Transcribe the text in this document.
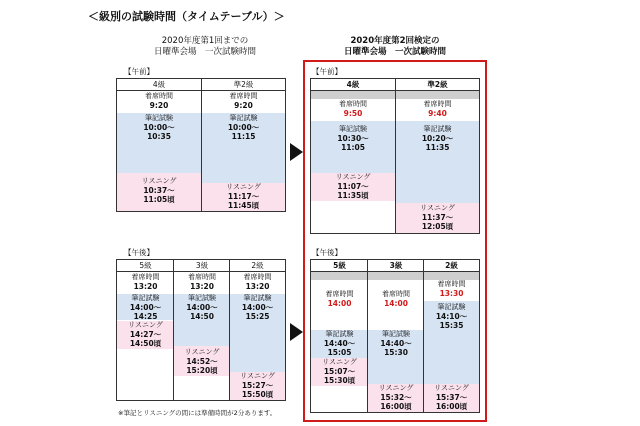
＜級別の試験時間（タイムテーブル）＞
2020年度第1回までの
日曜準会場　一次試験時間
2020年度第2回検定の
日曜準会場　一次試験時間
【午前】
【午後】
【午前】
【午後】
4級
着席時間
9:20
筆記試験
10:00～
10:35
リスニング
10:37～
11:05頃
準2級
着席時間
9:20
筆記試験
10:00～
11:15
リスニング
11:17～
11:45頃
5級
着席時間
13:20
筆記試験
14:00～
14:25
リスニング
14:27～
14:50頃
3級
着席時間
13:20
筆記試験
14:00～
14:50
リスニング
14:52～
15:20頃
2級
着席時間
13:20
筆記試験
14:00～
15:25
リスニング
15:27～
15:50頃
4級
着席時間
9:50
筆記試験
10:30～
11:05
リスニング
11:07～
11:35頃
準2級
着席時間
9:40
筆記試験
10:20～
11:35
リスニング
11:37～
12:05頃
5級
着席時間
14:00
筆記試験
14:40～
15:05
リスニング
15:07～
15:30頃
3級
着席時間
14:00
筆記試験
14:40～
15:30
リスニング
15:32～
16:00頃
2級
着席時間
13:30
筆記試験
14:10～
15:35
リスニング
15:37～
16:00頃
※筆記とリスニングの間には準備時間が2分あります。
